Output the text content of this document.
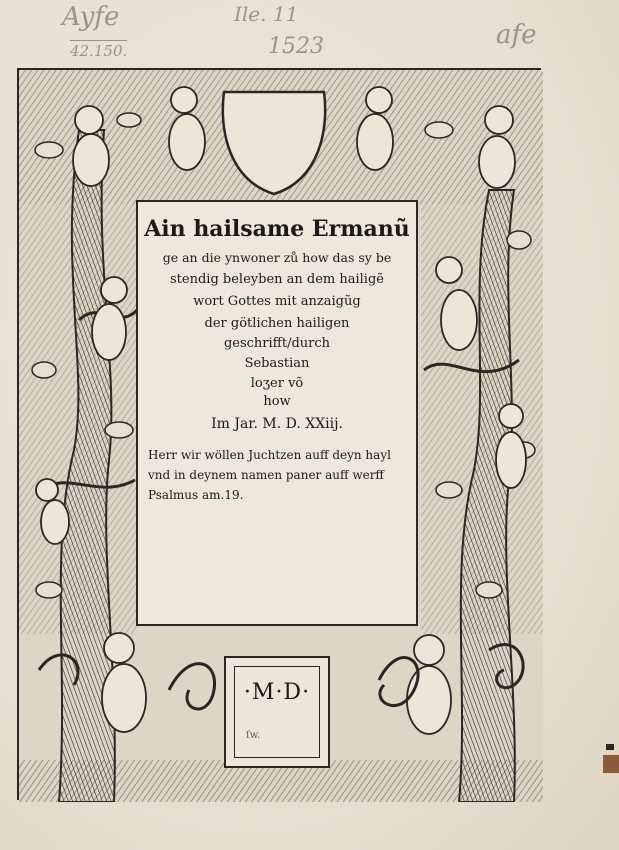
Ayfe
42.150.
Ile. 11
1523	afe
Ain hailsame Ermanũ
ge an die ynwoner zů how das sy be
stendig beleyben an dem hailigẽ
wort Gottes mit anzaigũg
der götlichen hailigen
geschrifft/durch
Sebastian
loʒer võ
how
Im Jar. M. D. XXiij.
Herr wir wöllen Juchtzen auff deyn hayl
vnd in deynem namen paner auff werff
Psalmus am.19.
·M·D·
ſw.
